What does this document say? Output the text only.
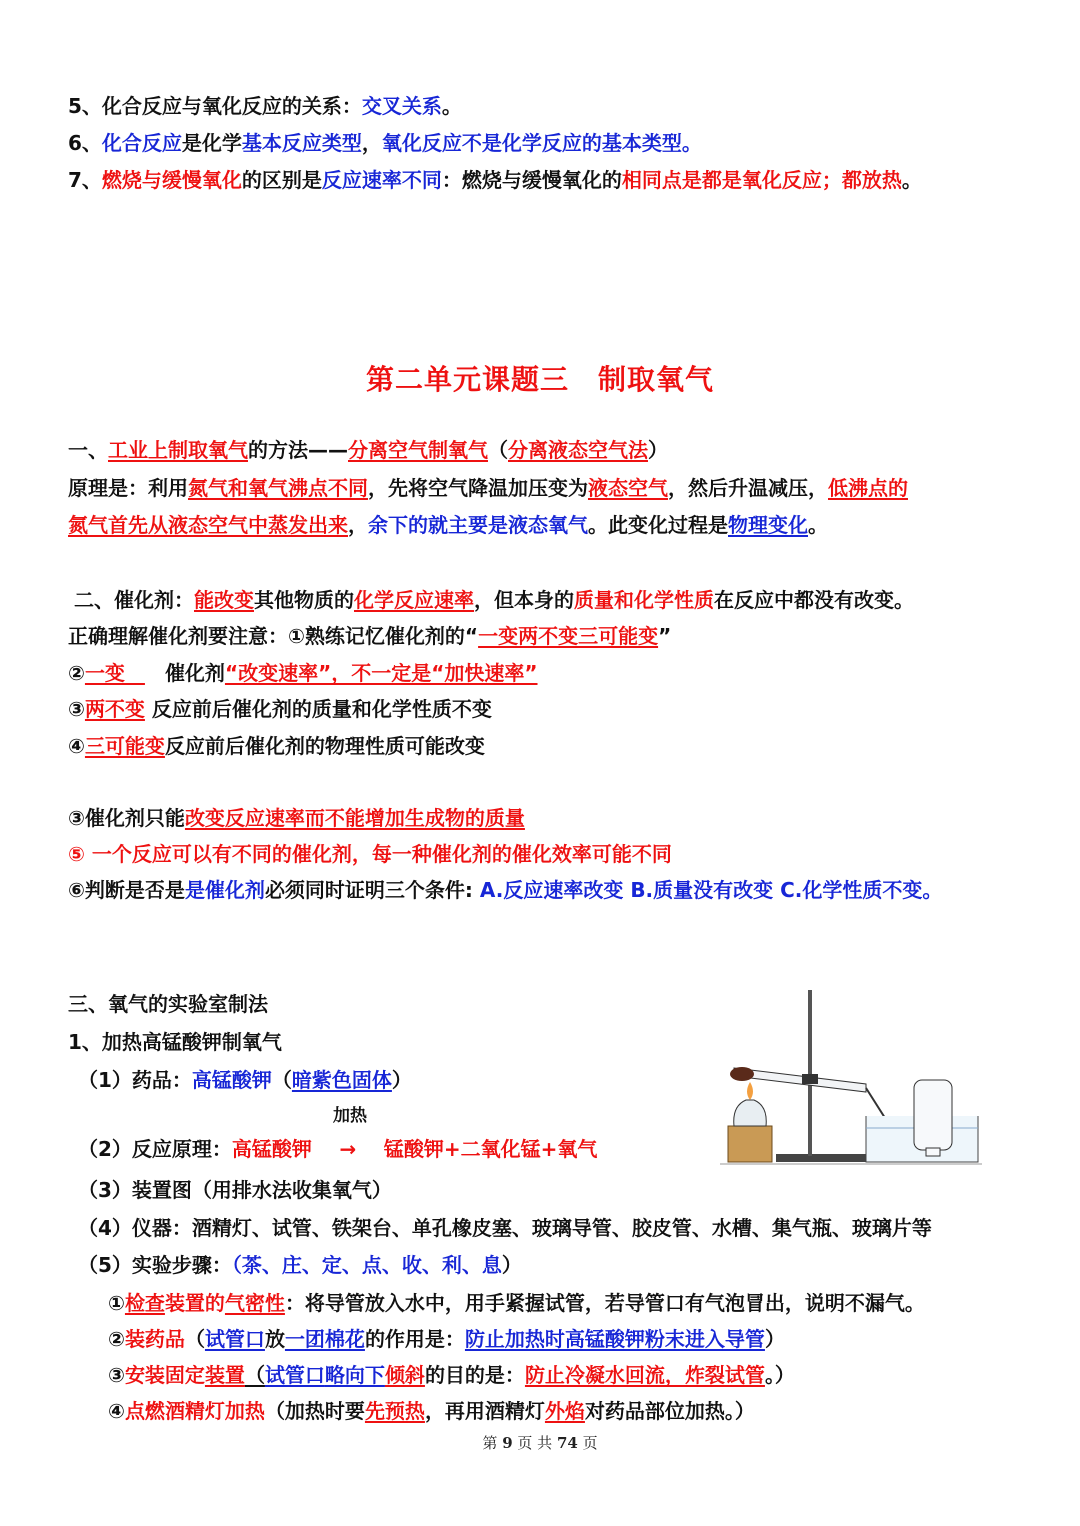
5、化合反应与氧化反应的关系：交叉关系。
6、化合反应是化学基本反应类型，氧化反应不是化学反应的基本类型。
7、燃烧与缓慢氧化的区别是反应速率不同：燃烧与缓慢氧化的相同点是都是氧化反应；都放热。
第二单元课题三　制取氧气
一、工业上制取氧气的方法——分离空气制氧气（分离液态空气法）
原理是：利用氮气和氧气沸点不同，先将空气降温加压变为液态空气，然后升温减压，低沸点的
氮气首先从液态空气中蒸发出来，余下的就主要是液态氧气。此变化过程是物理变化。
二、催化剂：能改变其他物质的化学反应速率，但本身的质量和化学性质在反应中都没有改变。
正确理解催化剂要注意：①熟练记忆催化剂的“一变两不变三可能变”
②一变　　催化剂“改变速率”，不一定是“加快速率”
③两不变 反应前后催化剂的质量和化学性质不变
④三可能变反应前后催化剂的物理性质可能改变
③催化剂只能改变反应速率而不能增加生成物的质量
⑤ 一个反应可以有不同的催化剂，每一种催化剂的催化效率可能不同
⑥判断是否是是催化剂必须同时证明三个条件: A.反应速率改变 B.质量没有改变 C.化学性质不变。
三、氧气的实验室制法
1、加热高锰酸钾制氧气
（1）药品：高锰酸钾（暗紫色固体）
加热
（2）反应原理：高锰酸钾 → 锰酸钾+二氧化锰+氧气
（3）装置图（用排水法收集氧气）
（4）仪器：酒精灯、试管、铁架台、单孔橡皮塞、玻璃导管、胶皮管、水槽、集气瓶、玻璃片等
（5）实验步骤：（茶、庄、定、点、收、利、息）
①检查装置的气密性：将导管放入水中，用手紧握试管，若导管口有气泡冒出，说明不漏气。
②装药品（试管口放一团棉花的作用是：防止加热时高锰酸钾粉末进入导管）
③安装固定装置（试管口略向下倾斜的目的是：防止冷凝水回流，炸裂试管。）
④点燃酒精灯加热（加热时要先预热，再用酒精灯外焰对药品部位加热。）
第 9 页 共 74 页
